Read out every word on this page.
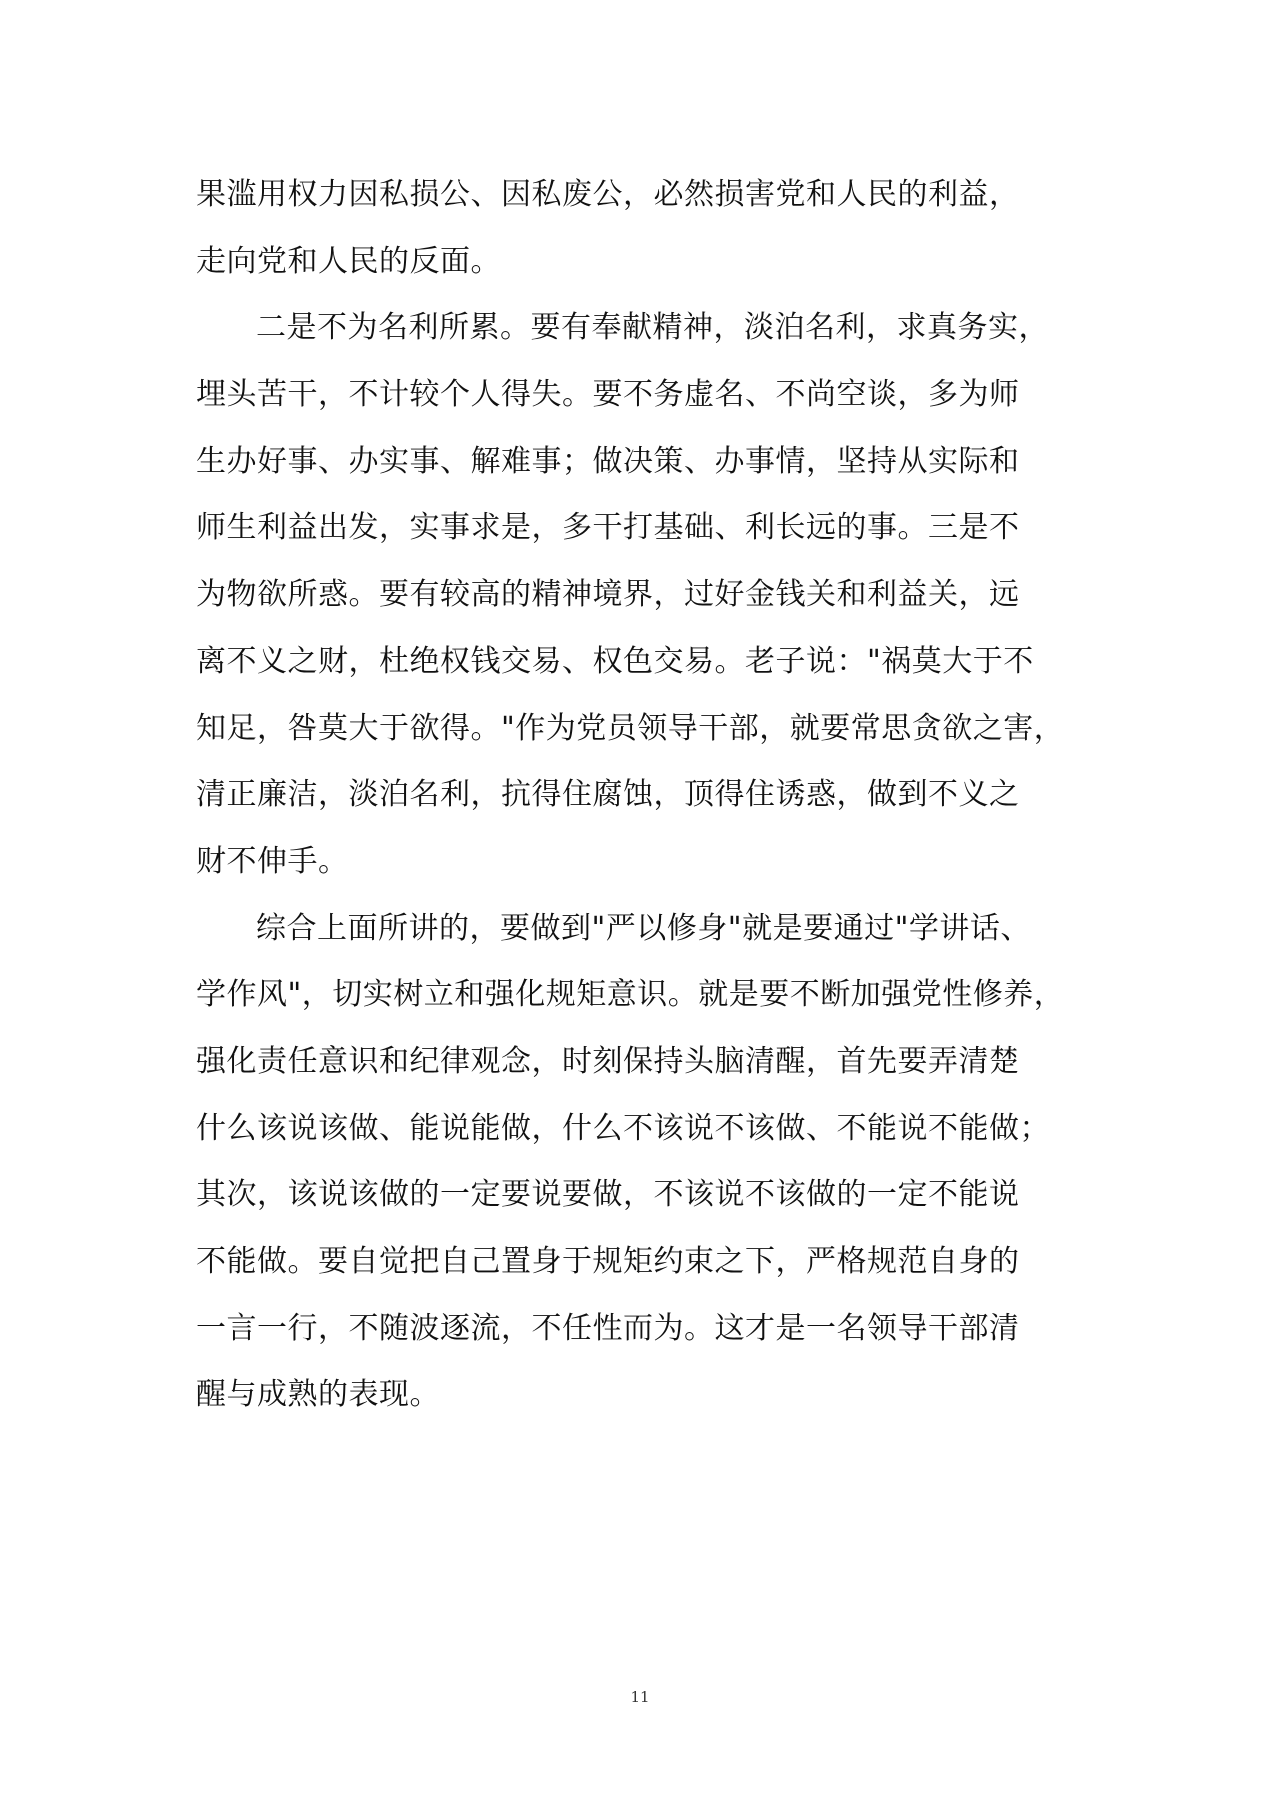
果滥用权力因私损公、因私废公，必然损害党和人民的利益，
走向党和人民的反面。
二是不为名利所累。要有奉献精神，淡泊名利，求真务实，
埋头苦干，不计较个人得失。要不务虚名、不尚空谈，多为师
生办好事、办实事、解难事；做决策、办事情，坚持从实际和
师生利益出发，实事求是，多干打基础、利长远的事。三是不
为物欲所惑。要有较高的精神境界，过好金钱关和利益关，远
离不义之财，杜绝权钱交易、权色交易。老子说："祸莫大于不
知足，咎莫大于欲得。"作为党员领导干部，就要常思贪欲之害，
清正廉洁，淡泊名利，抗得住腐蚀，顶得住诱惑，做到不义之
财不伸手。
综合上面所讲的，要做到"严以修身"就是要通过"学讲话、
学作风"，切实树立和强化规矩意识。就是要不断加强党性修养，
强化责任意识和纪律观念，时刻保持头脑清醒，首先要弄清楚
什么该说该做、能说能做，什么不该说不该做、不能说不能做；
其次，该说该做的一定要说要做，不该说不该做的一定不能说
不能做。要自觉把自己置身于规矩约束之下，严格规范自身的
一言一行，不随波逐流，不任性而为。这才是一名领导干部清
醒与成熟的表现。
11
